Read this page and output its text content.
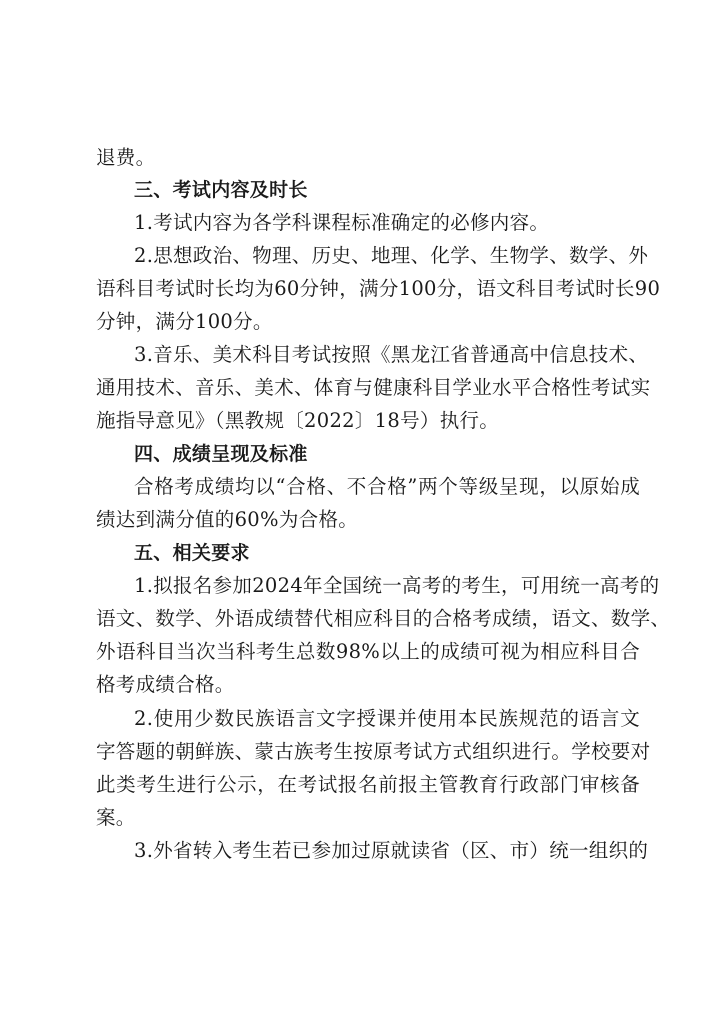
退费。
三、考试内容及时长
1.考试内容为各学科课程标准确定的必修内容。
2.思想政治、物理、历史、地理、化学、生物学、数学、外
语科目考试时长均为60分钟，满分100分，语文科目考试时长90
分钟，满分100分。
3.音乐、美术科目考试按照《黑龙江省普通高中信息技术、
通用技术、音乐、美术、体育与健康科目学业水平合格性考试实
施指导意见》（黑教规〔2022〕18号）执行。
四、成绩呈现及标准
合格考成绩均以“合格、不合格”两个等级呈现，以原始成
绩达到满分值的60%为合格。
五、相关要求
1.拟报名参加2024年全国统一高考的考生，可用统一高考的
语文、数学、外语成绩替代相应科目的合格考成绩，语文、数学、
外语科目当次当科考生总数98%以上的成绩可视为相应科目合
格考成绩合格。
2.使用少数民族语言文字授课并使用本民族规范的语言文
字答题的朝鲜族、蒙古族考生按原考试方式组织进行。学校要对
此类考生进行公示，在考试报名前报主管教育行政部门审核备
案。
3.外省转入考生若已参加过原就读省（区、市）统一组织的
